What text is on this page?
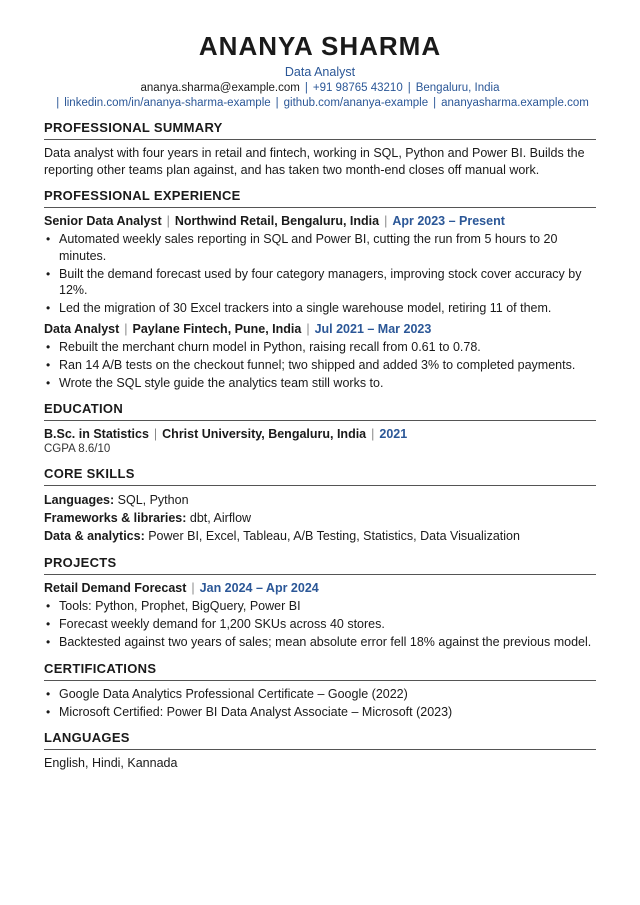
ANANYA SHARMA
Data Analyst
ananya.sharma@example.com | +91 98765 43210 | Bengaluru, India
| linkedin.com/in/ananya-sharma-example | github.com/ananya-example | ananyasharma.example.com
PROFESSIONAL SUMMARY

Data analyst with four years in retail and fintech, working in SQL, Python and Power BI. Builds the reporting other teams plan against, and has taken two month-end closes off manual work.

PROFESSIONAL EXPERIENCE
Senior Data Analyst | Northwind Retail, Bengaluru, India | Apr 2023 – Present
• Automated weekly sales reporting in SQL and Power BI, cutting the run from 5 hours to 20 minutes.
• Built the demand forecast used by four category managers, improving stock cover accuracy by 12%.
• Led the migration of 30 Excel trackers into a single warehouse model, retiring 11 of them.
Data Analyst | Paylane Fintech, Pune, India | Jul 2021 – Mar 2023
• Rebuilt the merchant churn model in Python, raising recall from 0.61 to 0.78.
• Ran 14 A/B tests on the checkout funnel; two shipped and added 3% to completed payments.
• Wrote the SQL style guide the analytics team still works to.
EDUCATION
B.Sc. in Statistics | Christ University, Bengaluru, India | 2021
CGPA 8.6/10
CORE SKILLS
Languages: SQL, Python
Frameworks & libraries: dbt, Airflow
Data & analytics: Power BI, Excel, Tableau, A/B Testing, Statistics, Data Visualization
PROJECTS
Retail Demand Forecast | Jan 2024 – Apr 2024
• Tools: Python, Prophet, BigQuery, Power BI
• Forecast weekly demand for 1,200 SKUs across 40 stores.
• Backtested against two years of sales; mean absolute error fell 18% against the previous model.
CERTIFICATIONS
• Google Data Analytics Professional Certificate – Google (2022)
• Microsoft Certified: Power BI Data Analyst Associate – Microsoft (2023)
LANGUAGES

English, Hindi, Kannada
